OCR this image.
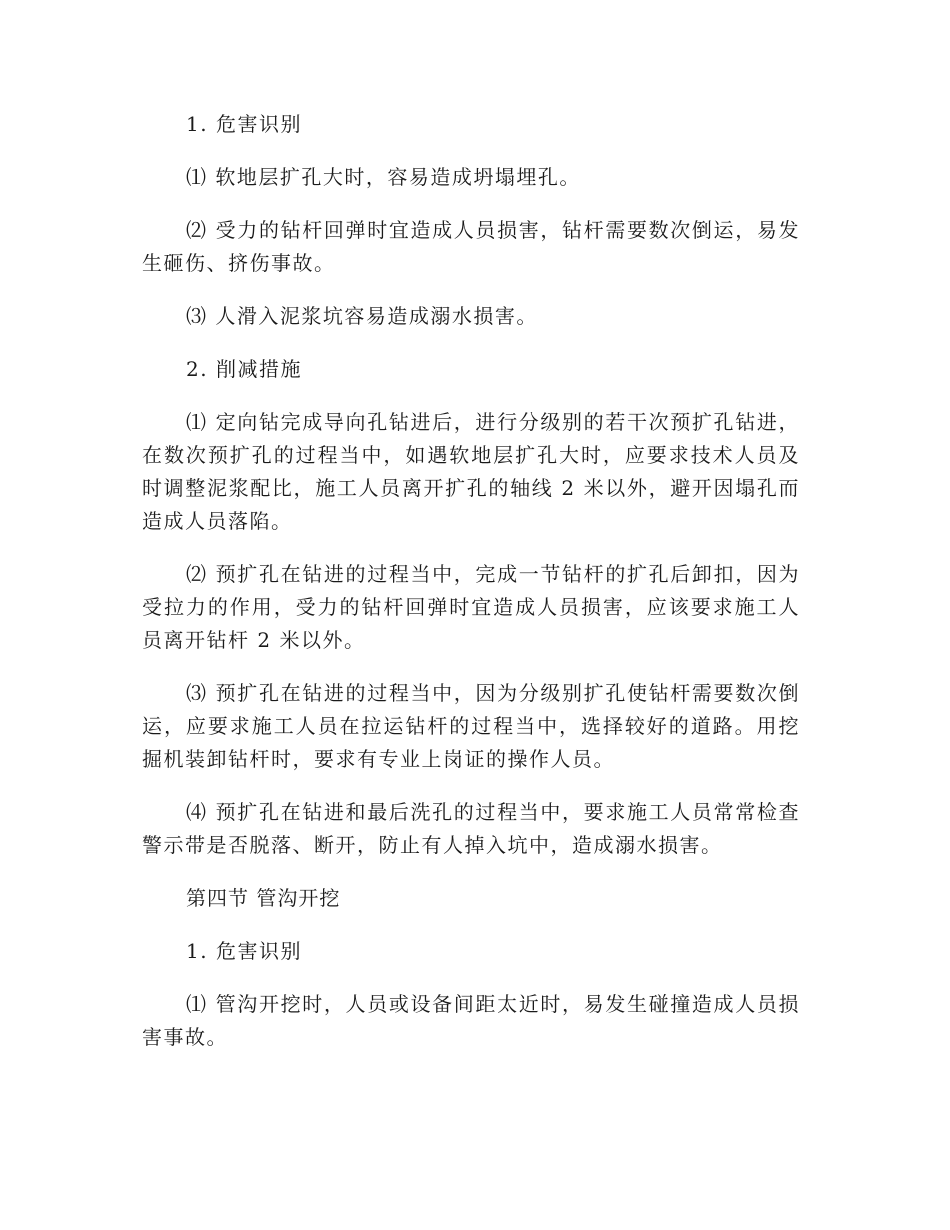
1. 危害识别

⑴ 软地层扩孔大时，容易造成坍塌埋孔。

⑵ 受力的钻杆回弹时宜造成人员损害，钻杆需要数次倒运，易发生砸伤、挤伤事故。

⑶ 人滑入泥浆坑容易造成溺水损害。

2. 削减措施

⑴ 定向钻完成导向孔钻进后，进行分级别的若干次预扩孔钻进，在数次预扩孔的过程当中，如遇软地层扩孔大时，应要求技术人员及时调整泥浆配比，施工人员离开扩孔的轴线 2 米以外，避开因塌孔而造成人员落陷。

⑵ 预扩孔在钻进的过程当中，完成一节钻杆的扩孔后卸扣，因为受拉力的作用，受力的钻杆回弹时宜造成人员损害，应该要求施工人员离开钻杆 2 米以外。

⑶ 预扩孔在钻进的过程当中，因为分级别扩孔使钻杆需要数次倒运，应要求施工人员在拉运钻杆的过程当中，选择较好的道路。用挖掘机装卸钻杆时，要求有专业上岗证的操作人员。

⑷ 预扩孔在钻进和最后洗孔的过程当中，要求施工人员常常检查警示带是否脱落、断开，防止有人掉入坑中，造成溺水损害。

第四节 管沟开挖

1. 危害识别

⑴ 管沟开挖时，人员或设备间距太近时，易发生碰撞造成人员损害事故。
